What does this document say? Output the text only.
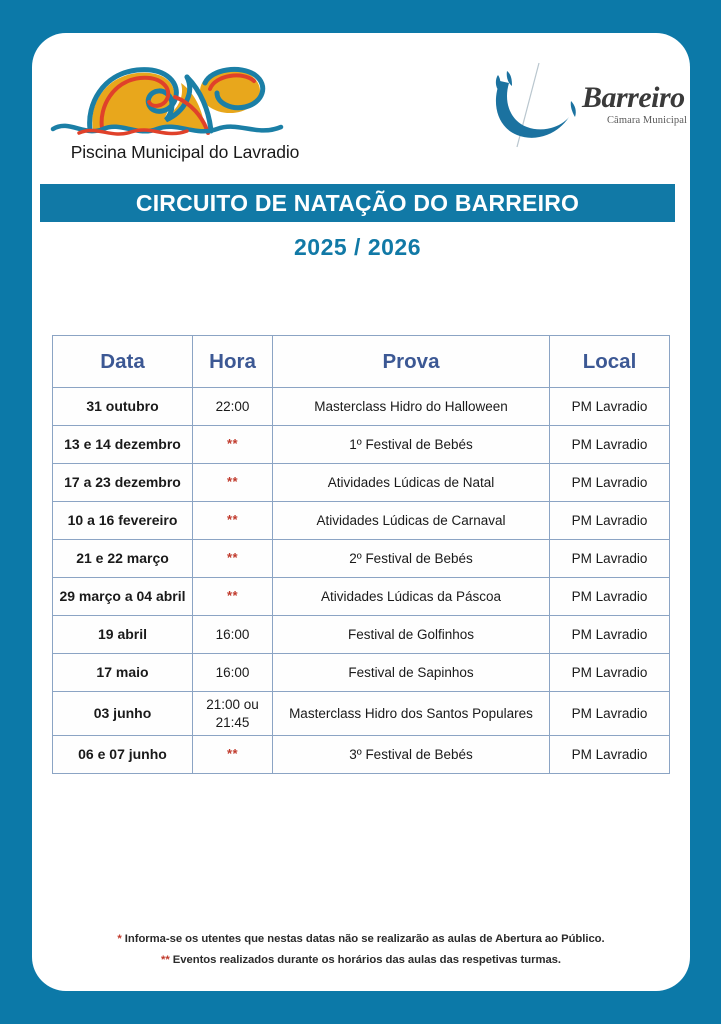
Piscina Municipal do Lavradio
Barreiro
Câmara Municipal
CIRCUITO DE NATAÇÃO DO BARREIRO
2025 / 2026
Data	Hora	Prova	Local
31 outubro	22:00	Masterclass Hidro do Halloween	PM Lavradio
13 e 14 dezembro	**	1º Festival de Bebés	PM Lavradio
17 a 23 dezembro	**	Atividades Lúdicas de Natal	PM Lavradio
10 a 16 fevereiro	**	Atividades Lúdicas de Carnaval	PM Lavradio
21 e 22 março	**	2º Festival de Bebés	PM Lavradio
29 março a 04 abril	**	Atividades Lúdicas da Páscoa	PM Lavradio
19 abril	16:00	Festival de Golfinhos	PM Lavradio
17 maio	16:00	Festival de Sapinhos	PM Lavradio
03 junho	21:00 ou 21:45	Masterclass Hidro dos Santos Populares	PM Lavradio
06 e 07 junho	**	3º Festival de Bebés	PM Lavradio
* Informa-se os utentes que nestas datas não se realizarão as aulas de Abertura ao Público.
** Eventos realizados durante os horários das aulas das respetivas turmas.
